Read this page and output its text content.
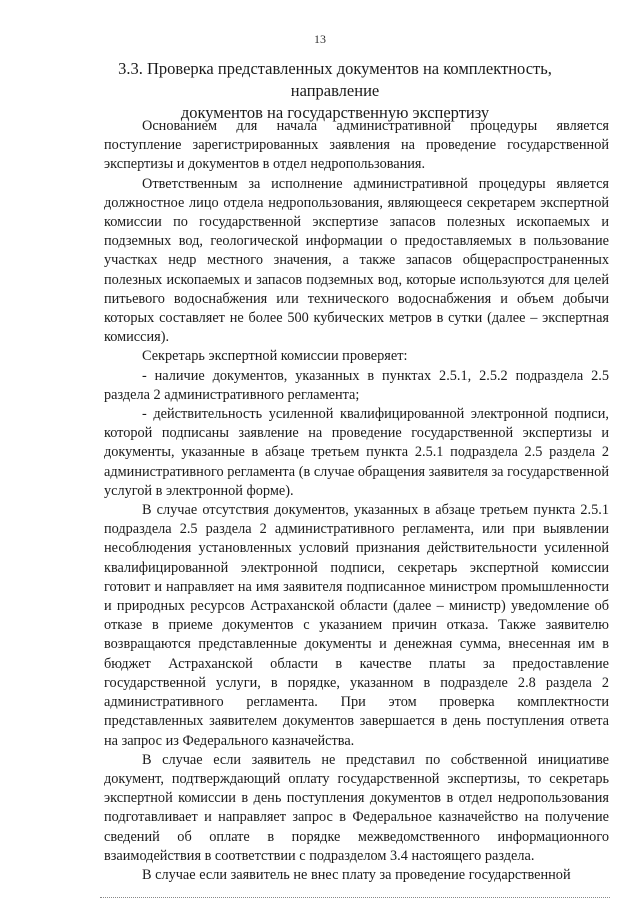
13
3.3. Проверка представленных документов на комплектность, направление
документов на государственную экспертизу

Основанием для начала административной процедуры является поступление зарегистрированных заявления на проведение государственной экспертизы и документов в отдел недропользования.

Ответственным за исполнение административной процедуры является должностное лицо отдела недропользования, являющееся секретарем экспертной комиссии по государственной экспертизе запасов полезных ископаемых и подземных вод, геологической информации о предоставляемых в пользование участках недр местного значения, а также запасов общераспространенных полезных ископаемых и запасов подземных вод, которые используются для целей питьевого водоснабжения или технического водоснабжения и объем добычи которых составляет не более 500 кубических метров в сутки (далее – экспертная комиссия).

Секретарь экспертной комиссии проверяет:

- наличие документов, указанных в пунктах 2.5.1, 2.5.2 подраздела 2.5 раздела 2 административного регламента;

- действительность усиленной квалифицированной электронной подписи, которой подписаны заявление на проведение государственной экспертизы и документы, указанные в абзаце третьем пункта 2.5.1 подраздела 2.5 раздела 2 административного регламента (в случае обращения заявителя за государственной услугой в электронной форме).

В случае отсутствия документов, указанных в абзаце третьем пункта 2.5.1 подраздела 2.5 раздела 2 административного регламента, или при выявлении несоблюдения установленных условий признания действительности усиленной квалифицированной электронной подписи, секретарь экспертной комиссии готовит и направляет на имя заявителя подписанное министром промышленности и природных ресурсов Астраханской области (далее – министр) уведомление об отказе в приеме документов с указанием причин отказа. Также заявителю возвращаются представленные документы и денежная сумма, внесенная им в бюджет Астраханской области в качестве платы за предоставление государственной услуги, в порядке, указанном в подразделе 2.8 раздела 2 административного регламента. При этом проверка комплектности представленных заявителем документов завершается в день поступления ответа на запрос из Федерального казначейства.

В случае если заявитель не представил по собственной инициативе документ, подтверждающий оплату государственной экспертизы, то секретарь экспертной комиссии в день поступления документов в отдел недропользования подготавливает и направляет запрос в Федеральное казначейство на получение сведений об оплате в порядке межведомственного информационного взаимодействия в соответствии с подразделом 3.4 настоящего раздела.

В случае если заявитель не внес плату за проведение государственной
